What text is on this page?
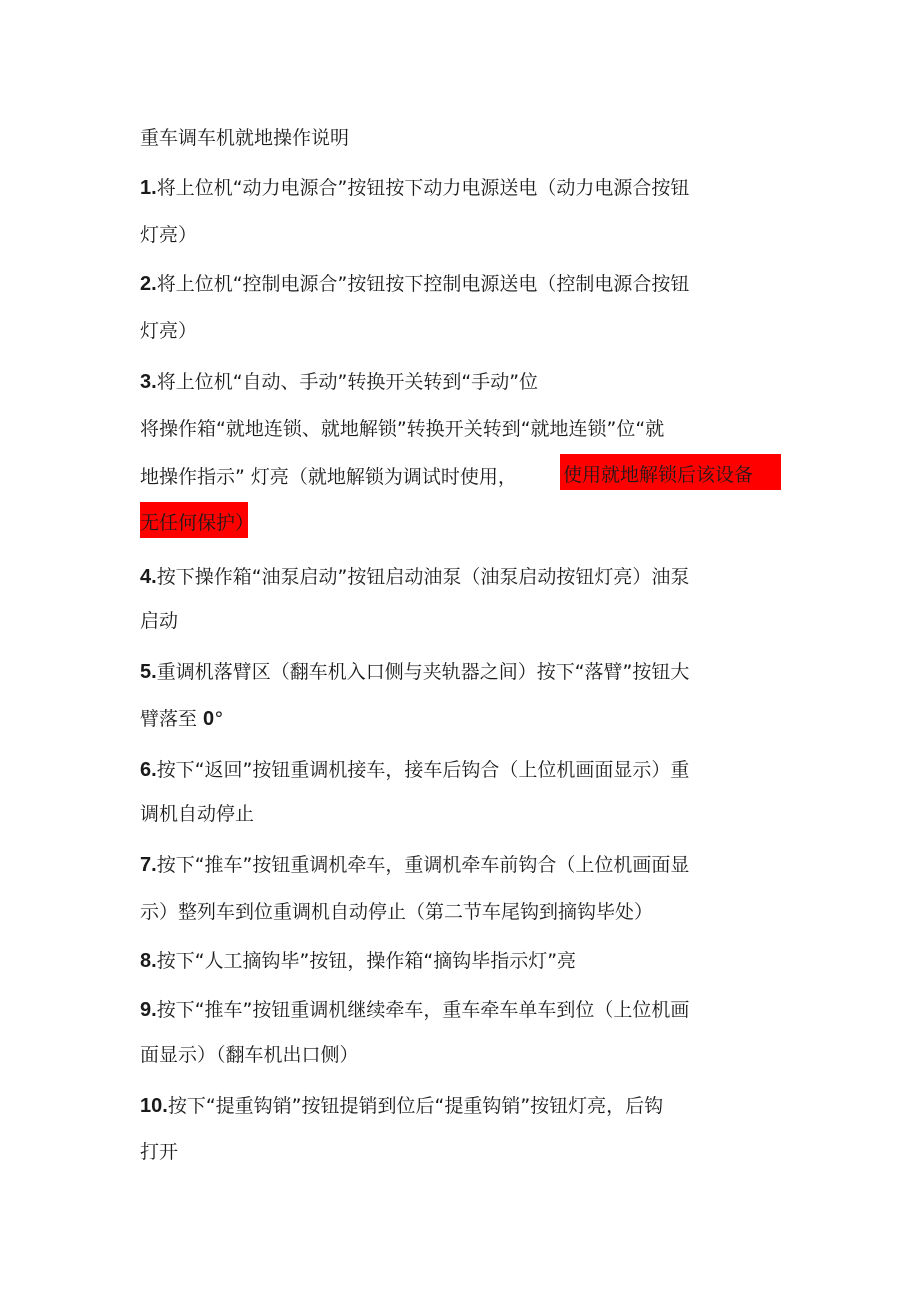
重车调车机就地操作说明
1.将上位机“动力电源合”按钮按下动力电源送电（动力电源合按钮
灯亮）
2.将上位机“控制电源合”按钮按下控制电源送电（控制电源合按钮
灯亮）
3.将上位机“自动、手动”转换开关转到“手动”位
将操作箱“就地连锁、就地解锁”转换开关转到“就地连锁”位“就
地操作指示” 灯亮（就地解锁为调试时使用， 使用就地解锁后该设备
无任何保护）
4.按下操作箱“油泵启动”按钮启动油泵（油泵启动按钮灯亮）油泵
启动
5.重调机落臂区（翻车机入口侧与夹轨器之间）按下“落臂”按钮大
臂落至 0°
6.按下“返回”按钮重调机接车，接车后钩合（上位机画面显示）重
调机自动停止
7.按下“推车”按钮重调机牵车，重调机牵车前钩合（上位机画面显
示）整列车到位重调机自动停止（第二节车尾钩到摘钩毕处）
8.按下“人工摘钩毕”按钮，操作箱“摘钩毕指示灯”亮
9.按下“推车”按钮重调机继续牵车，重车牵车单车到位（上位机画
面显示）（翻车机出口侧）
10.按下“提重钩销”按钮提销到位后“提重钩销”按钮灯亮，后钩
打开
